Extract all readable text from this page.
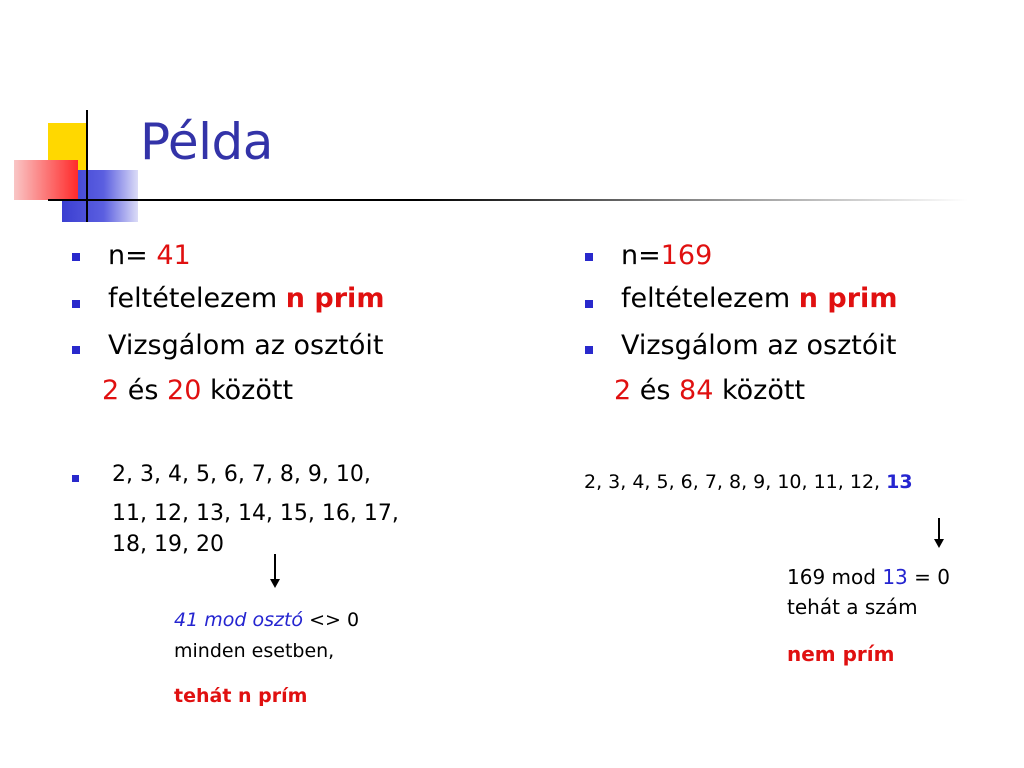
Példa
n= 41
feltételezem n prim
Vizsgálom az osztóit
2 és 20 között
2, 3, 4, 5, 6, 7, 8, 9, 10,
11, 12, 13, 14, 15, 16, 17,
18, 19, 20
41 mod osztó <> 0
minden esetben,
tehát n prím
n=169
feltételezem n prim
Vizsgálom az osztóit
2 és 84 között
2, 3, 4, 5, 6, 7, 8, 9, 10, 11, 12, 13
169 mod 13 = 0
tehát a szám
nem prím
